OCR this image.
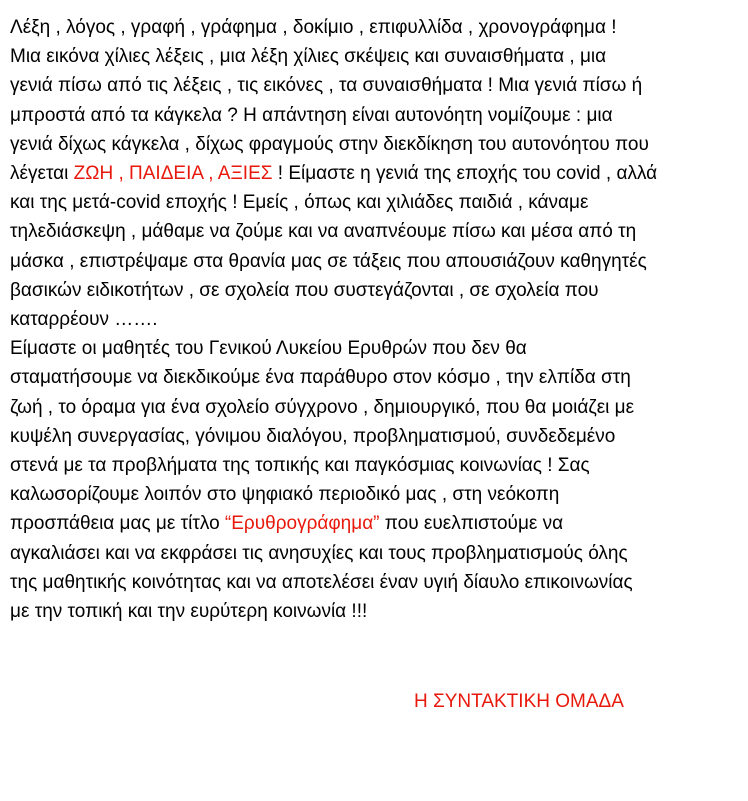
Λέξη , λόγος , γραφή , γράφημα , δοκίμιο , επιφυλλίδα , χρονογράφημα !
Μια εικόνα χίλιες λέξεις , μια λέξη χίλιες σκέψεις και συναισθήματα , μια
γενιά πίσω από τις λέξεις , τις εικόνες , τα συναισθήματα ! Μια γενιά πίσω ή
μπροστά από τα κάγκελα ? Η απάντηση είναι αυτονόητη νομίζουμε : μια
γενιά δίχως κάγκελα , δίχως φραγμούς στην διεκδίκηση του αυτονόητου που
λέγεται ΖΩΗ , ΠΑΙΔΕΙΑ , ΑΞΙΕΣ ! Είμαστε η γενιά της εποχής του covid , αλλά
και της μετά-covid εποχής ! Εμείς , όπως και χιλιάδες παιδιά , κάναμε
τηλεδιάσκεψη , μάθαμε να ζούμε και να αναπνέουμε πίσω και μέσα από τη
μάσκα , επιστρέψαμε στα θρανία μας σε τάξεις που απουσιάζουν καθηγητές
βασικών ειδικοτήτων , σε σχολεία που συστεγάζονται , σε σχολεία που
καταρρέουν …….

Είμαστε οι μαθητές του Γενικού Λυκείου Ερυθρών που δεν θα
σταματήσουμε να διεκδικούμε ένα παράθυρο στον κόσμο , την ελπίδα στη
ζωή , το όραμα για ένα σχολείο σύγχρονο , δημιουργικό, που θα μοιάζει με
κυψέλη συνεργασίας, γόνιμου διαλόγου, προβληματισμού, συνδεδεμένο
στενά με τα προβλήματα της τοπικής και παγκόσμιας κοινωνίας ! Σας
καλωσορίζουμε λοιπόν στο ψηφιακό περιοδικό μας , στη νεόκοπη
προσπάθεια μας με τίτλο “Ερυθρογράφημα” που ευελπιστούμε να
αγκαλιάσει και να εκφράσει τις ανησυχίες και τους προβληματισμούς όλης
της μαθητικής κοινότητας και να αποτελέσει έναν υγιή δίαυλο επικοινωνίας
με την τοπική και την ευρύτερη κοινωνία !!!

Η ΣΥΝΤΑΚΤΙΚΗ ΟΜΑΔΑ
